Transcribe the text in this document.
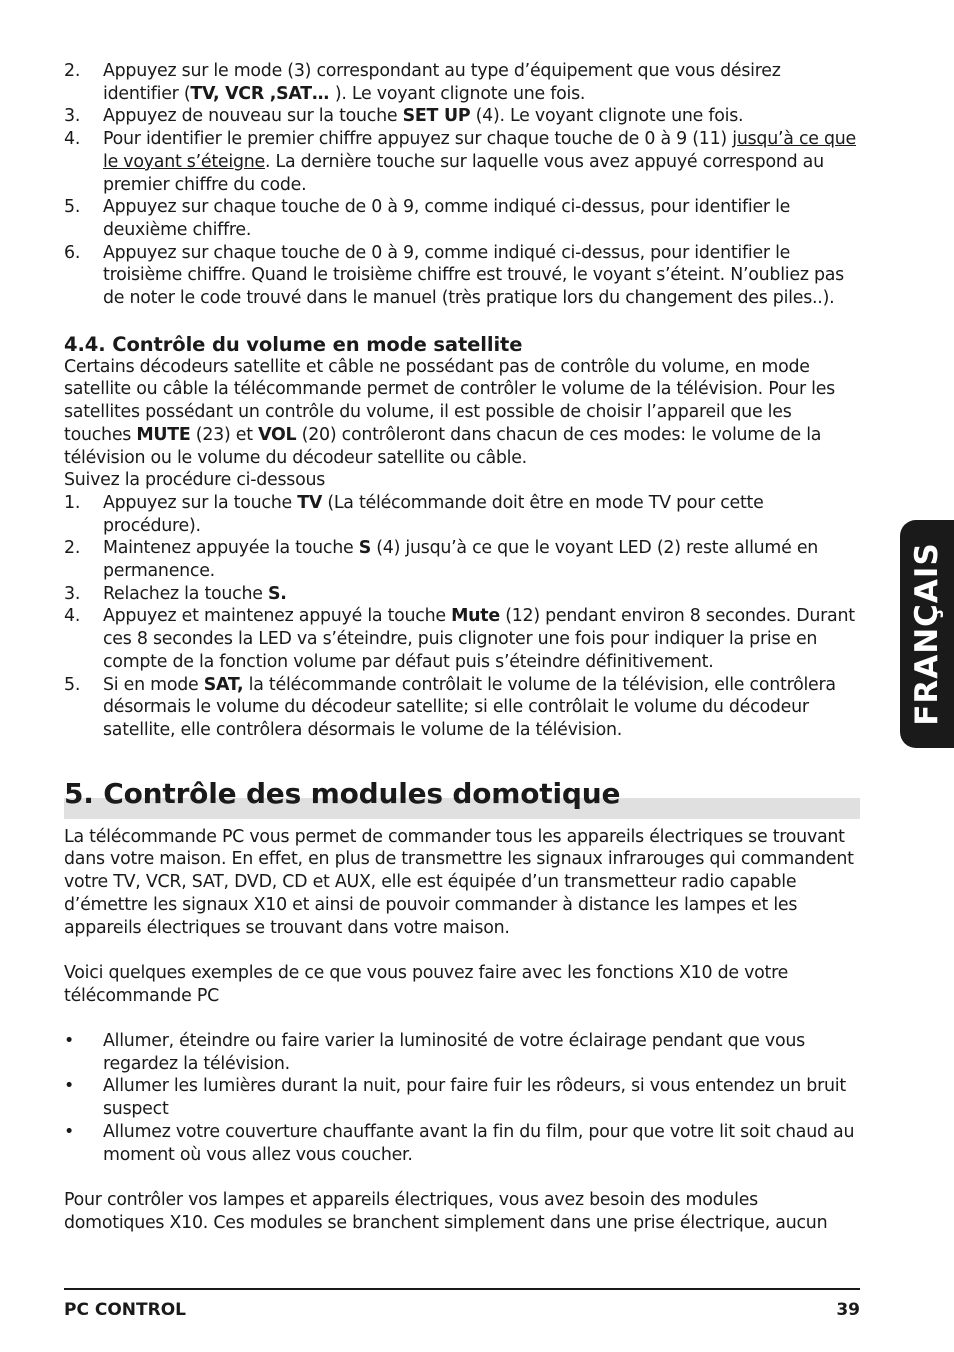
2.	Appuyez sur le mode (3) correspondant au type d’équipement que vous désirez identifier (TV, VCR ,SAT… ). Le voyant clignote une fois.
3.	Appuyez de nouveau sur la touche SET UP (4). Le voyant clignote une fois.
4.	Pour identifier le premier chiffre appuyez sur chaque touche de 0 à 9 (11) jusqu’à ce que le voyant s’éteigne. La dernière touche sur laquelle vous avez appuyé correspond au premier chiffre du code.
5.	Appuyez sur chaque touche de 0 à 9, comme indiqué ci-dessus, pour identifier le deuxième chiffre.
6.	Appuyez sur chaque touche de 0 à 9, comme indiqué ci-dessus, pour identifier le troisième chiffre. Quand le troisième chiffre est trouvé, le voyant s’éteint. N’oubliez pas de noter le code trouvé dans le manuel (très pratique lors du changement des piles..).
4.4. Contrôle du volume en mode satellite

Certains décodeurs satellite et câble ne possédant pas de contrôle du volume, en mode satellite ou câble la télécommande permet de contrôler le volume de la télévision. Pour les satellites possédant un contrôle du volume, il est possible de choisir l’appareil que les touches MUTE (23) et VOL (20) contrôleront dans chacun de ces modes: le volume de la télévision ou le volume du décodeur satellite ou câble.

Suivez la procédure ci-dessous

1.	Appuyez sur la touche TV (La télécommande doit être en mode TV pour cette procédure).
2.	Maintenez appuyée la touche S (4) jusqu’à ce que le voyant LED (2) reste allumé en permanence.
3.	Relachez la touche S.
4.	Appuyez et maintenez appuyé la touche Mute (12) pendant environ 8 secondes. Durant ces 8 secondes la LED va s’éteindre, puis clignoter une fois pour indiquer la prise en compte de la fonction volume par défaut puis s’éteindre définitivement.
5.	Si en mode SAT, la télécommande contrôlait le volume de la télévision, elle contrôlera désormais le volume du décodeur satellite; si elle contrôlait le volume du décodeur satellite, elle contrôlera désormais le volume de la télévision.
5. Contrôle des modules domotique

La télécommande PC vous permet de commander tous les appareils électriques se trouvant dans votre maison. En effet, en plus de transmettre les signaux infrarouges qui commandent votre TV, VCR, SAT, DVD, CD et AUX, elle est équipée d’un transmetteur radio capable d’émettre les signaux X10 et ainsi de pouvoir commander à distance les lampes et les appareils électriques se trouvant dans votre maison.

Voici quelques exemples de ce que vous pouvez faire avec les fonctions X10 de votre télécommande PC

•	Allumer, éteindre ou faire varier la luminosité de votre éclairage pendant que vous regardez la télévision.
•	Allumer les lumières durant la nuit, pour faire fuir les rôdeurs, si vous entendez un bruit suspect
•	Allumez votre couverture chauffante avant la fin du film, pour que votre lit soit chaud au moment où vous allez vous coucher.

Pour contrôler vos lampes et appareils électriques, vous avez besoin des modules domotiques X10. Ces modules se branchent simplement dans une prise électrique, aucun

FRANÇAIS
PC CONTROL	39
